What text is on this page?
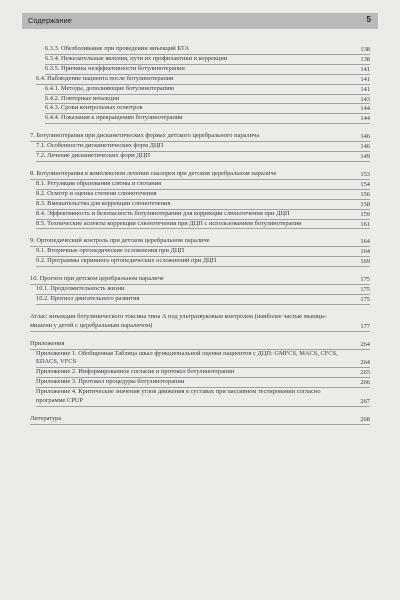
Содержание	5
6.3.3. Обезболивание при проведении инъекций БТА	138
6.3.4. Нежелательные явления, пути их профилактики и коррекции	138
6.3.5. Причины неэффективности ботулинотерапии	141
6.4. Наблюдение пациента после ботулинотерапии	141
6.4.1. Методы, дополняющие ботулинотерапию	141
6.4.2. Повторные инъекции	143
6.4.3. Сроки контрольных осмотров	144
6.4.4. Показания к прекращению ботулинотерапии	144
7. Ботулинотерапия при дискинетических формах детского церебрального паралича	146
7.1. Особенности дискинетических форм ДЦП	146
7.2. Лечение дискинетических форм ДЦП	149
8. Ботулинотерапия в комплексном лечении сиалорея при детском церебральном параличе	153
8.1. Регуляция образования слюны и глотания	154
8.2. Осмотр и оценка степени слюнотечения	156
8.3. Вмешательства для коррекции слюнотечения	158
8.4. Эффективность и безопасность ботулинотерапии для коррекции слюнотечения при ДЦП	159
8.5. Технические аспекты коррекции слюнотечения при ДЦП с использованием ботулинотерапии	161
9. Ортопедический контроль при детском церебральном параличе	164
9.1. Вторичные ортопедические осложнения при ДЦП	164
9.2. Программы скрининга ортопедических осложнений при ДЦП	169
10. Прогноз при детском церебральном параличе	175
10.1. Продолжительность жизни	175
10.2. Прогноз двигательного развития	175
Атлас: инъекции ботулинического токсина типа А под ультразвуковым контролем (наиболее частые мышцы-мишени у детей с церебральным параличом)	177
Приложения	264
Приложение 1. Обобщенная Таблица шкал функциональной оценки пациентов с ДЦП: GMFCS, MACS, CFCS, EDACS, VFCS	264
Приложение 2. Информированное согласие и протокол ботулинотерапии	265
Приложение 3. Протокол процедуры ботулинотерапии	266
Приложение 4. Критические значения углов движения в суставах при пассивном тестировании согласно программе CPUP	267
Литература	268
